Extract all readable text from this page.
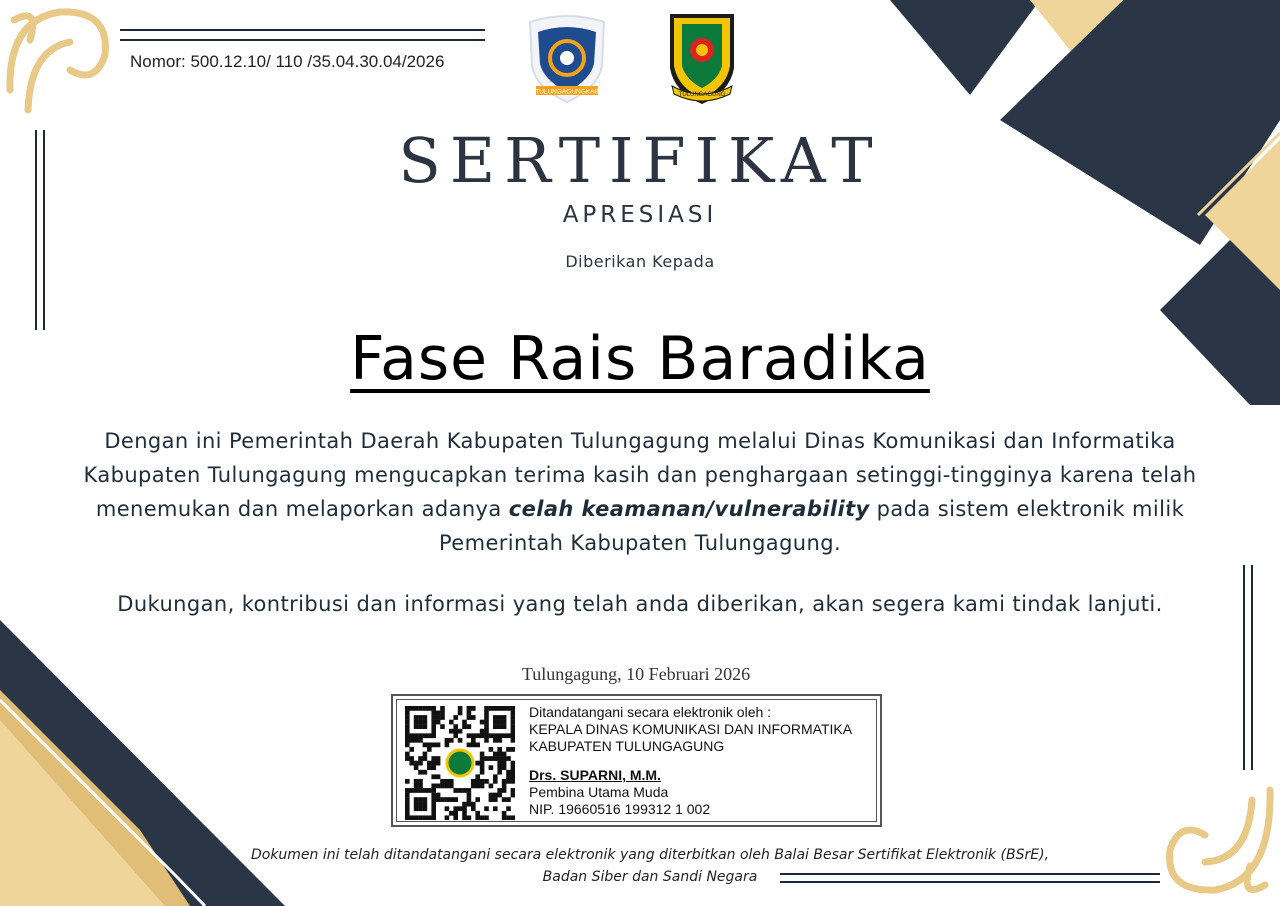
TULUNGAGUNGKAB	TULUNGAGUNG
Nomor: 500.12.10/ 110 /35.04.30.04/2026
SERTIFIKAT
APRESIASI
Diberikan Kepada
Fase Rais Baradika
Dengan ini Pemerintah Daerah Kabupaten Tulungagung melalui Dinas Komunikasi dan Informatika Kabupaten Tulungagung mengucapkan terima kasih dan penghargaan setinggi-tingginya karena telah menemukan dan melaporkan adanya celah keamanan/vulnerability pada sistem elektronik milik Pemerintah Kabupaten Tulungagung.
Dukungan, kontribusi dan informasi yang telah anda diberikan, akan segera kami tindak lanjuti.
Tulungagung, 10 Februari 2026
Ditandatangani secara elektronik oleh :
KEPALA DINAS KOMUNIKASI DAN INFORMATIKA
KABUPATEN TULUNGAGUNG
Drs. SUPARNI, M.M.
Pembina Utama Muda
NIP. 19660516 199312 1 002
Dokumen ini telah ditandatangani secara elektronik yang diterbitkan oleh Balai Besar Sertifikat Elektronik (BSrE),
Badan Siber dan Sandi Negara
